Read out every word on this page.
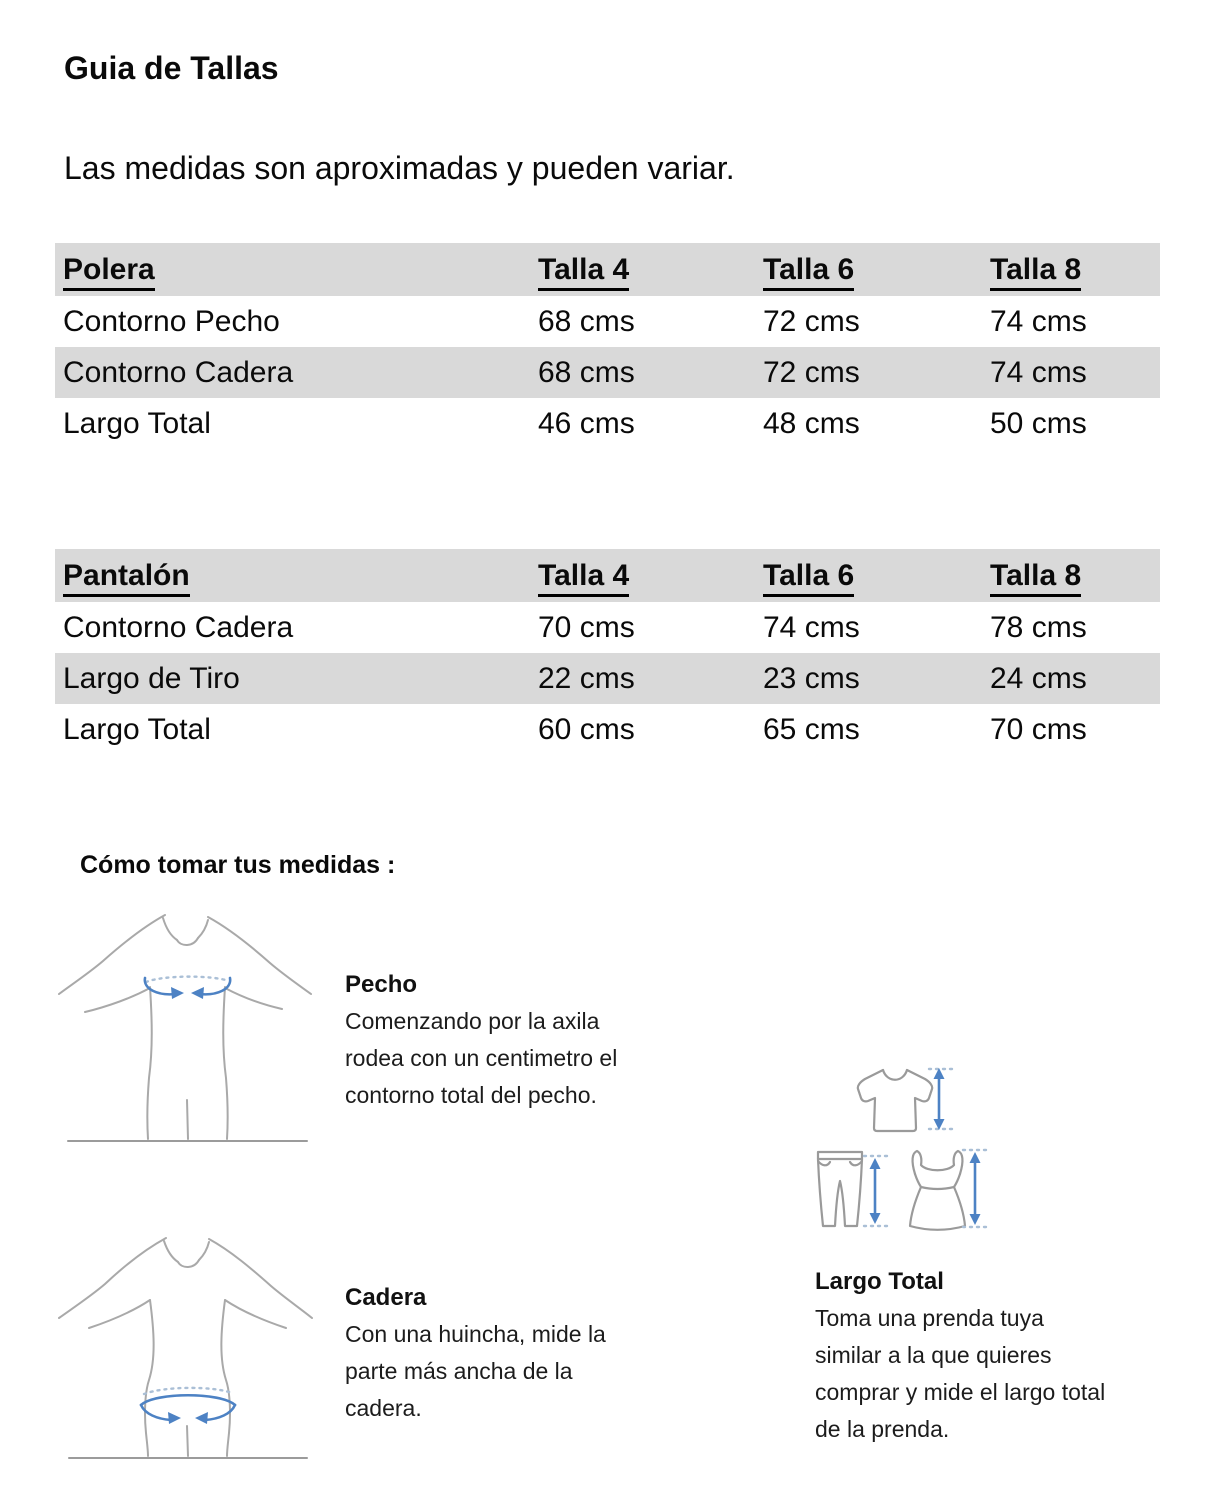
Guia de Tallas
Las medidas son aproximadas y pueden variar.
Polera	Talla 4	Talla 6	Talla 8
Contorno Pecho	68 cms	72 cms	74 cms
Contorno Cadera	68 cms	72 cms	74 cms
Largo Total	46 cms	48 cms	50 cms
Pantalón	Talla 4	Talla 6	Talla 8
Contorno Cadera	70 cms	74 cms	78 cms
Largo de Tiro	22 cms	23 cms	24 cms
Largo Total	60 cms	65 cms	70 cms
Cómo tomar tus medidas :
Pecho
Comenzando por la axila
rodea con un centimetro el
contorno total del pecho.
Largo Total
Toma una prenda tuya
similar a la que quieres
comprar y mide el largo total
de la prenda.
Cadera
Con una huincha, mide la
parte más ancha de la
cadera.
